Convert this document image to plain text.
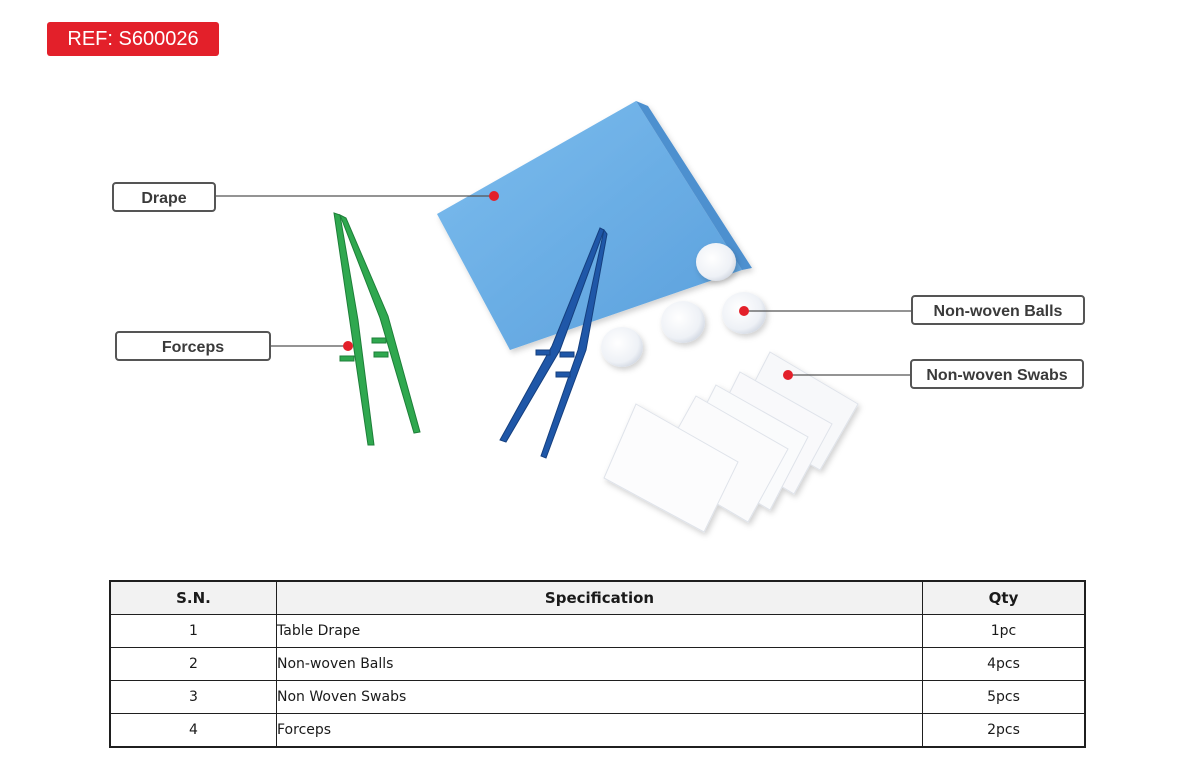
REF: S600026
Drape
Forceps
Non-woven Balls
Non-woven Swabs
S.N.	Specification	Qty
1	Table Drape	1pc
2	Non-woven Balls	4pcs
3	Non Woven Swabs	5pcs
4	Forceps	2pcs
